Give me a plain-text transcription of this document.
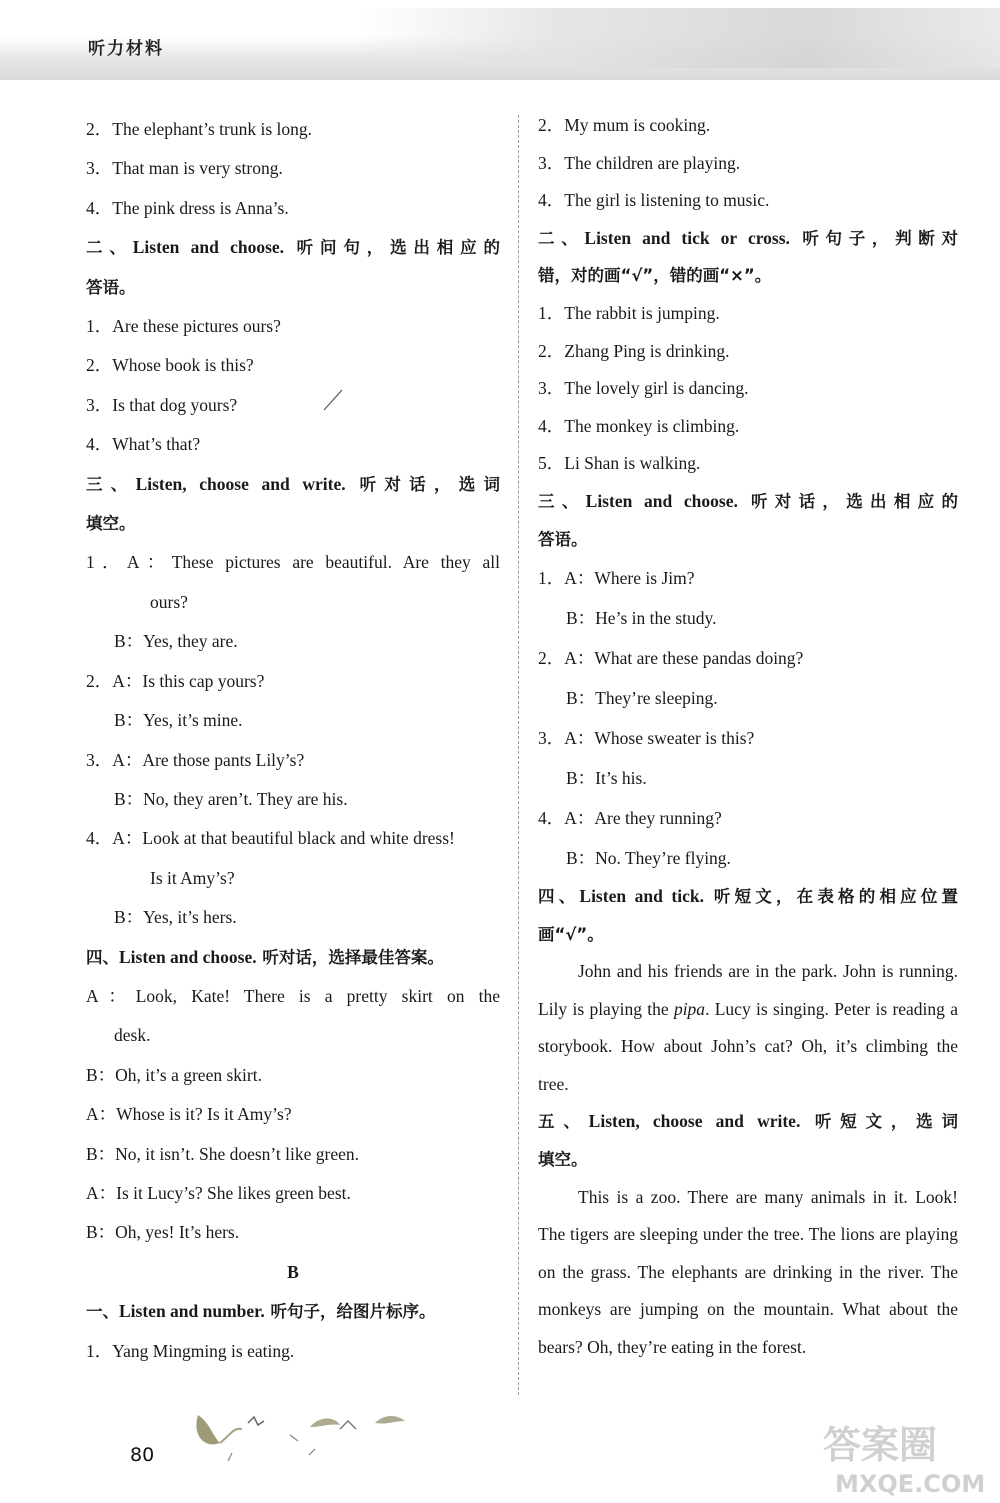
听力材料
2．The elephant’s trunk is long.
3．That man is very strong.
4．The pink dress is Anna’s.
二、Listen and choose. 听问句，选出相应的
答语。
1．Are these pictures ours?
2．Whose book is this?
3．Is that dog yours?
4．What’s that?
三、Listen, choose and write. 听对话，选词
填空。
1．A：These pictures are beautiful. Are they all
ours?
B：Yes, they are.
2．A：Is this cap yours?
B：Yes, it’s mine.
3．A：Are those pants Lily’s?
B：No, they aren’t. They are his.
4．A：Look at that beautiful black and white dress!
Is it Amy’s?
B：Yes, it’s hers.
四、Listen and choose. 听对话，选择最佳答案。
A：Look, Kate! There is a pretty skirt on the
desk.
B：Oh, it’s a green skirt.
A：Whose is it? Is it Amy’s?
B：No, it isn’t. She doesn’t like green.
A：Is it Lucy’s? She likes green best.
B：Oh, yes! It’s hers.
B
一、Listen and number. 听句子，给图片标序。
1．Yang Mingming is eating.
2．My mum is cooking.
3．The children are playing.
4．The girl is listening to music.
二、Listen and tick or cross. 听句子，判断对
错，对的画“√”，错的画“×”。
1．The rabbit is jumping.
2．Zhang Ping is drinking.
3．The lovely girl is dancing.
4．The monkey is climbing.
5．Li Shan is walking.
三、Listen and choose. 听对话，选出相应的
答语。
1．A：Where is Jim?
B：He’s in the study.
2．A：What are these pandas doing?
B：They’re sleeping.
3．A：Whose sweater is this?
B：It’s his.
4．A：Are they running?
B：No. They’re flying.
四、Listen and tick. 听短文，在表格的相应位置
画“√”。
John and his friends are in the park. John is running. Lily is playing the pipa. Lucy is singing. Peter is reading a storybook. How about John’s cat? Oh, it’s climbing the tree.
五、Listen, choose and write. 听短文，选词
填空。
This is a zoo. There are many animals in it. Look! The tigers are sleeping under the tree. The lions are playing on the grass. The elephants are drinking in the river. The monkeys are jumping on the mountain. What about the bears? Oh, they’re eating in the forest.
80	答案圈
MXQE.COM
